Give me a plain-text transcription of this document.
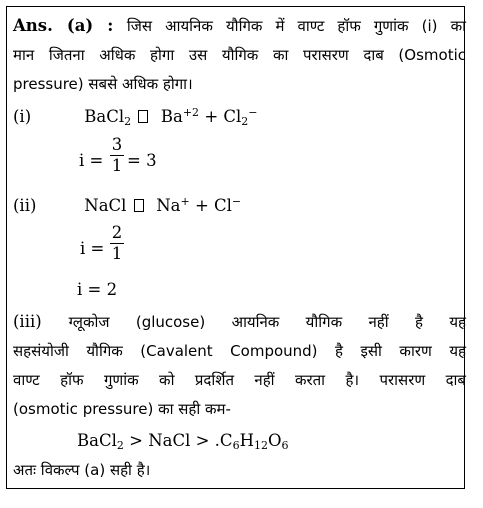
Ans. (a) : जिस आयनिक यौगिक में वाण्ट हॉफ गुणांक (i) का
मान जितना अधिक होगा उस यौगिक का परासरण दाब (Osmotic
pressure) सबसे अधिक होगा।
(i)	BaCl$_2$ $Ba^{+2} + Cl_2^-$
$i = \frac{3}{1} = 3$
(ii)	NaCl Na+ + Cl−
$i = \frac{2}{1}$
i = 2
(iii) ग्लूकोज (glucose) आयनिक यौगिक नहीं है यह
सहसंयोजी यौगिक (Cavalent Compound) है इसी कारण यह
वाण्ट हॉफ गुणांक को प्रदर्शित नहीं करता है। परासरण दाब
(osmotic pressure) का सही कम-
BaCl$_2$ > NaCl > $.C_6H_{12}O_6$
अतः विकल्प (a) सही है।
